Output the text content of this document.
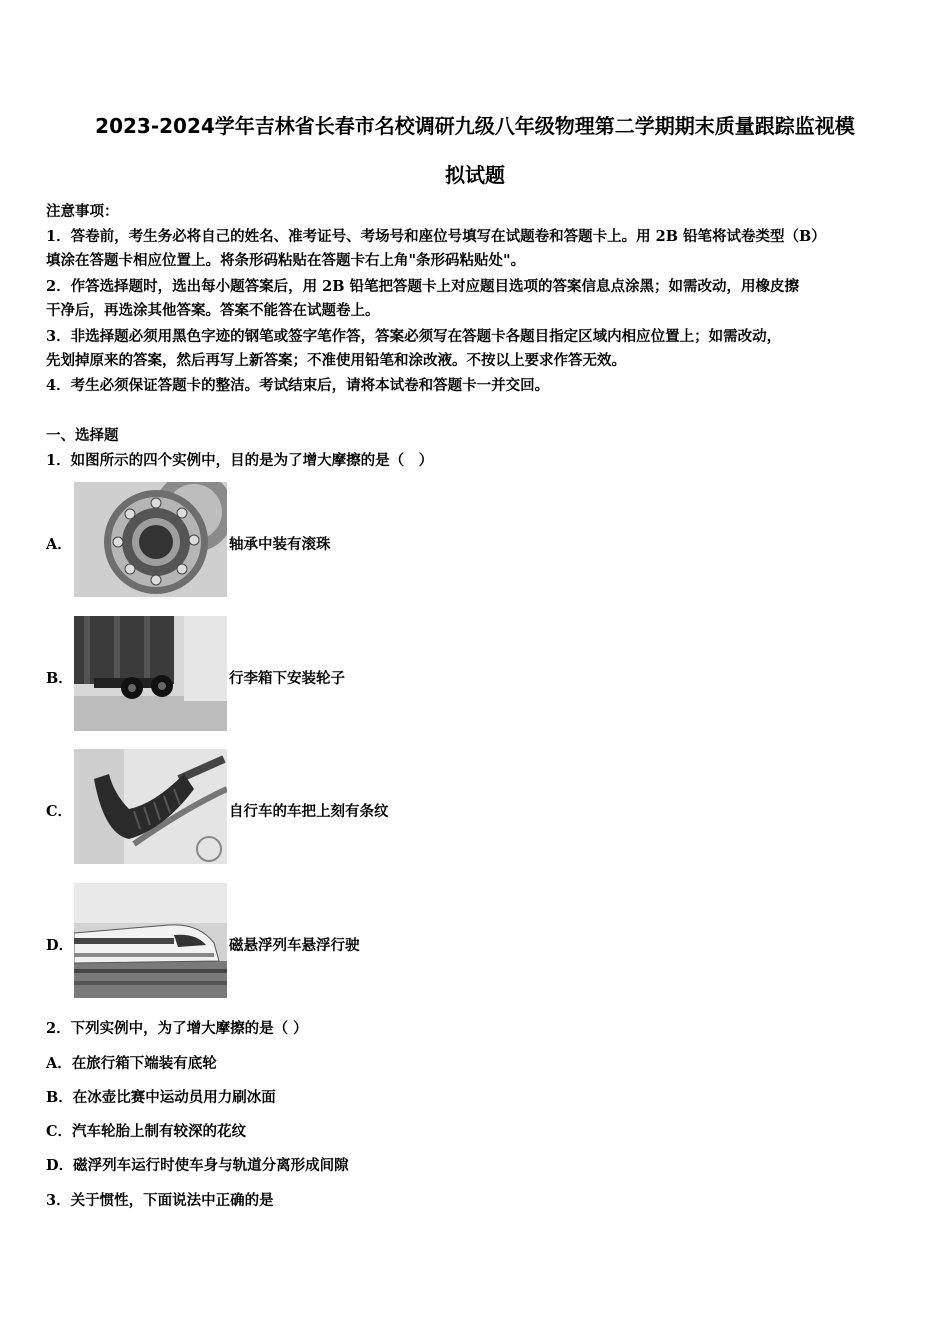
2023-2024学年吉林省长春市名校调研九级八年级物理第二学期期末质量跟踪监视模
拟试题
注意事项：
1．答卷前，考生务必将自己的姓名、准考证号、考场号和座位号填写在试题卷和答题卡上。用 2B 铅笔将试卷类型（B）
填涂在答题卡相应位置上。将条形码粘贴在答题卡右上角"条形码粘贴处"。
2．作答选择题时，选出每小题答案后，用 2B 铅笔把答题卡上对应题目选项的答案信息点涂黑；如需改动，用橡皮擦
干净后，再选涂其他答案。答案不能答在试题卷上。
3．非选择题必须用黑色字迹的钢笔或签字笔作答，答案必须写在答题卡各题目指定区域内相应位置上；如需改动，
先划掉原来的答案，然后再写上新答案；不准使用铅笔和涂改液。不按以上要求作答无效。
4．考生必须保证答题卡的整洁。考试结束后，请将本试卷和答题卡一并交回。
一、选择题
1．如图所示的四个实例中，目的是为了增大摩擦的是（　）
A．	轴承中装有滚珠
B．	行李箱下安装轮子
C．	自行车的车把上刻有条纹
D．	磁悬浮列车悬浮行驶
2．下列实例中，为了增大摩擦的是（ ）
A．在旅行箱下端装有底轮
B．在冰壶比赛中运动员用力刷冰面
C．汽车轮胎上制有较深的花纹
D．磁浮列车运行时使车身与轨道分离形成间隙
3．关于惯性，下面说法中正确的是
